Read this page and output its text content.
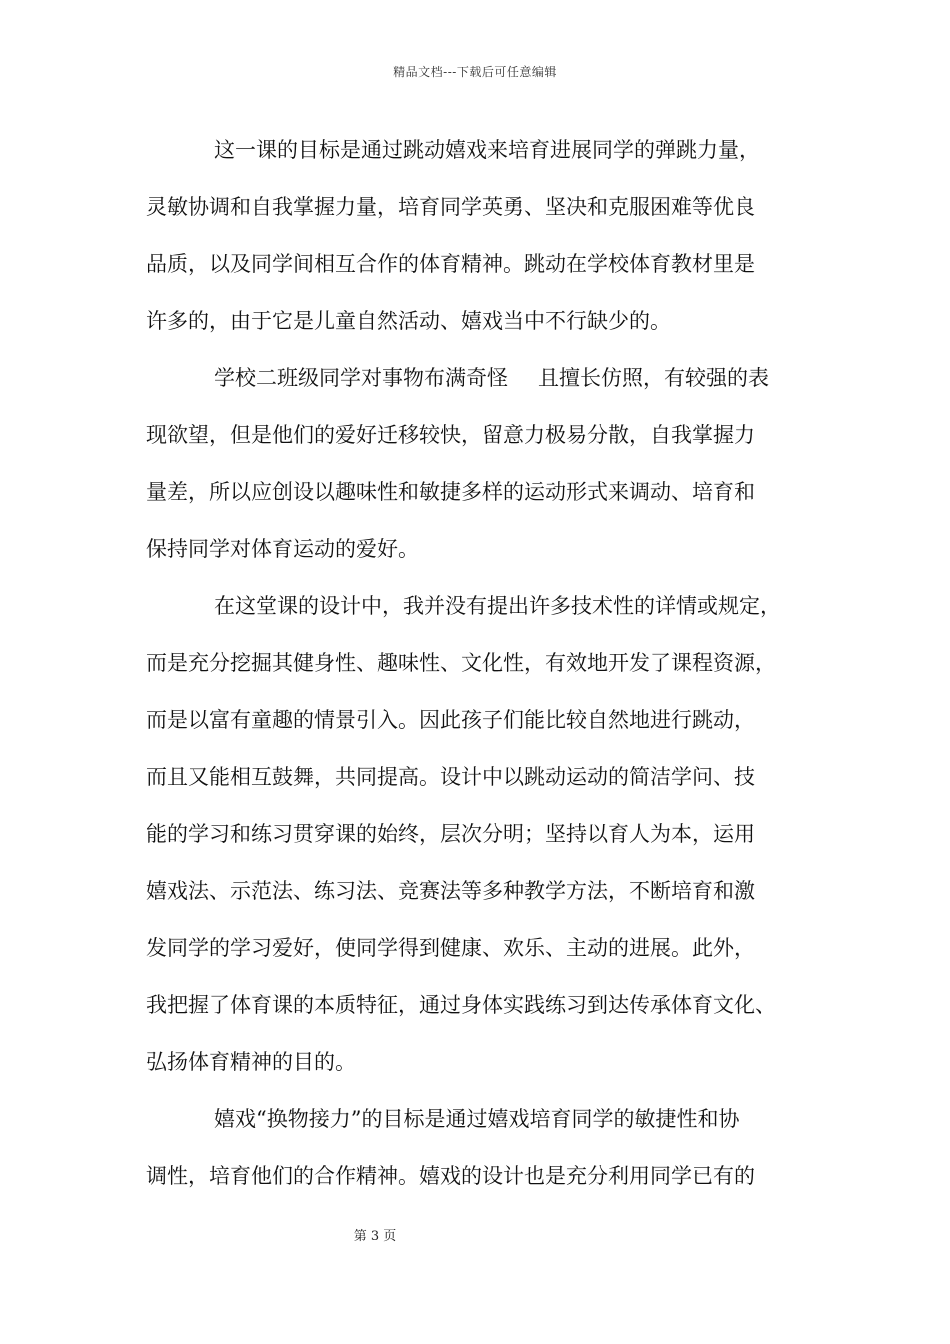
精品文档---下载后可任意编辑
这一课的目标是通过跳动嬉戏来培育进展同学的弹跳力量，
灵敏协调和自我掌握力量，培育同学英勇、坚决和克服困难等优良
品质，以及同学间相互合作的体育精神。跳动在学校体育教材里是
许多的，由于它是儿童自然活动、嬉戏当中不行缺少的。
学校二班级同学对事物布满奇怪 且擅长仿照，有较强的表
现欲望，但是他们的爱好迁移较快，留意力极易分散，自我掌握力
量差，所以应创设以趣味性和敏捷多样的运动形式来调动、培育和
保持同学对体育运动的爱好。
在这堂课的设计中，我并没有提出许多技术性的详情或规定，
而是充分挖掘其健身性、趣味性、文化性，有效地开发了课程资源，
而是以富有童趣的情景引入。因此孩子们能比较自然地进行跳动，
而且又能相互鼓舞，共同提高。设计中以跳动运动的简洁学问、技
能的学习和练习贯穿课的始终，层次分明；坚持以育人为本，运用
嬉戏法、示范法、练习法、竞赛法等多种教学方法，不断培育和激
发同学的学习爱好，使同学得到健康、欢乐、主动的进展。此外，
我把握了体育课的本质特征，通过身体实践练习到达传承体育文化、
弘扬体育精神的目的。
嬉戏“换物接力”的目标是通过嬉戏培育同学的敏捷性和协
调性，培育他们的合作精神。嬉戏的设计也是充分利用同学已有的
第 3 页
